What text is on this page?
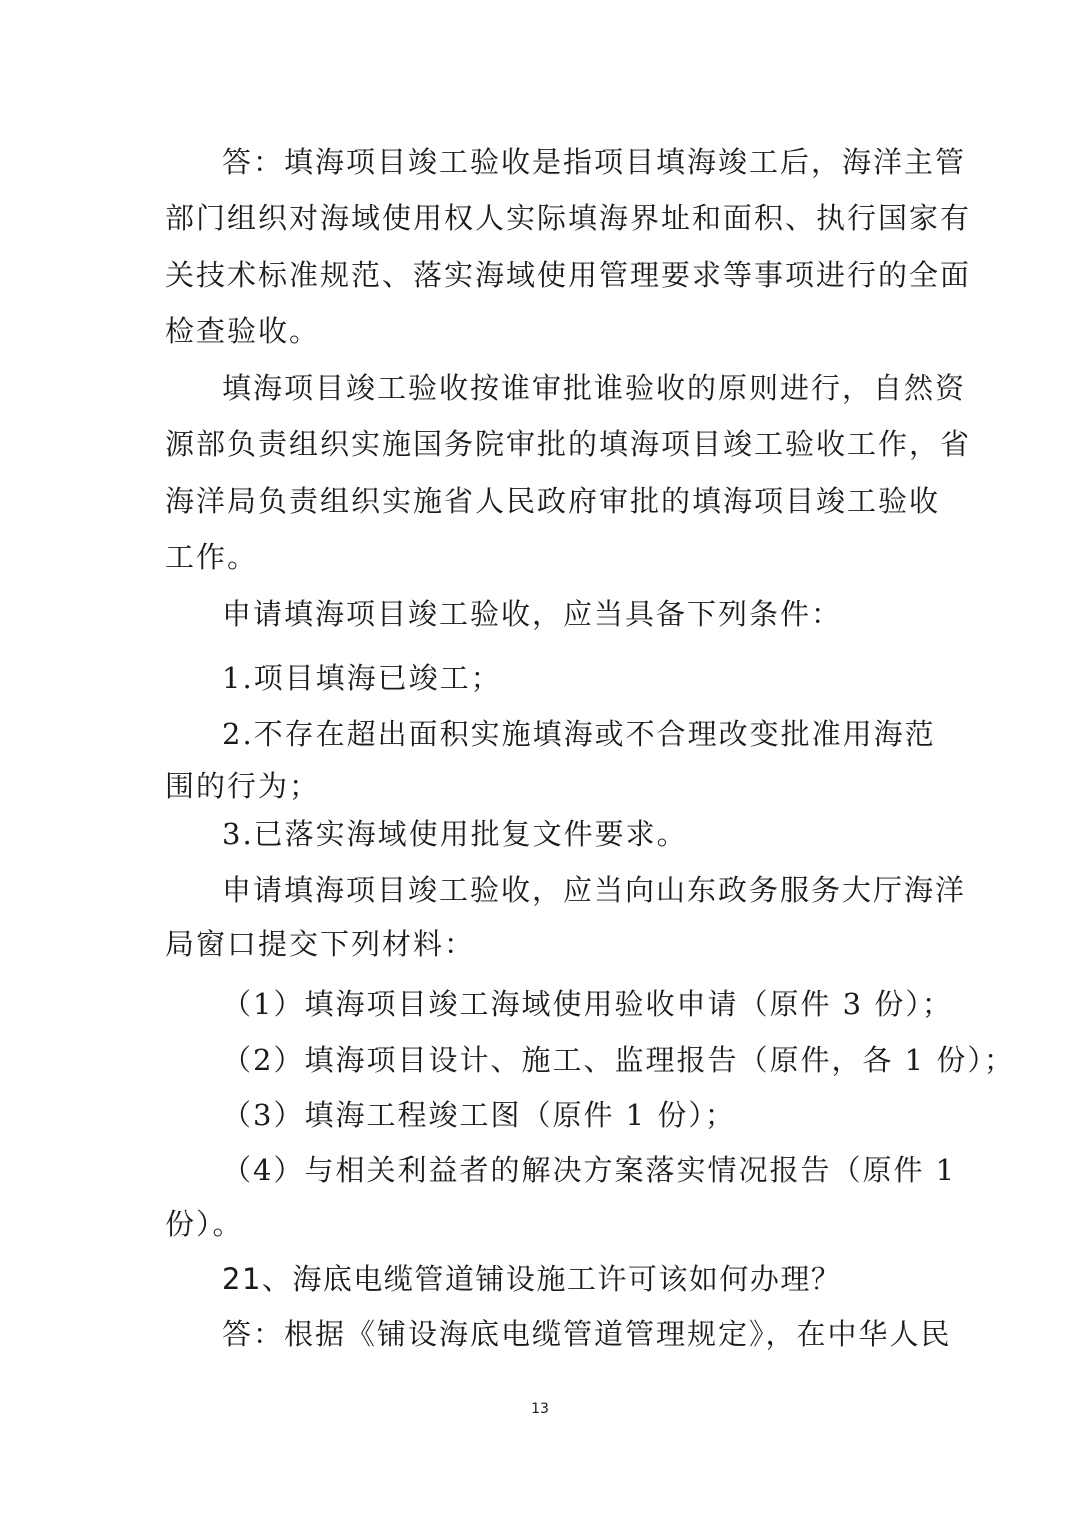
答：填海项目竣工验收是指项目填海竣工后，海洋主管
部门组织对海域使用权人实际填海界址和面积、执行国家有
关技术标准规范、落实海域使用管理要求等事项进行的全面
检查验收。
填海项目竣工验收按谁审批谁验收的原则进行，自然资
源部负责组织实施国务院审批的填海项目竣工验收工作，省
海洋局负责组织实施省人民政府审批的填海项目竣工验收
工作。
申请填海项目竣工验收，应当具备下列条件：
1.项目填海已竣工；
2.不存在超出面积实施填海或不合理改变批准用海范
围的行为；
3.已落实海域使用批复文件要求。
申请填海项目竣工验收，应当向山东政务服务大厅海洋
局窗口提交下列材料：
（1）填海项目竣工海域使用验收申请（原件 3 份）；
（2）填海项目设计、施工、监理报告（原件，各 1 份）；
（3）填海工程竣工图（原件 1 份）；
（4）与相关利益者的解决方案落实情况报告（原件 1
份）。
21、海底电缆管道铺设施工许可该如何办理？
答：根据《铺设海底电缆管道管理规定》，在中华人民
13
